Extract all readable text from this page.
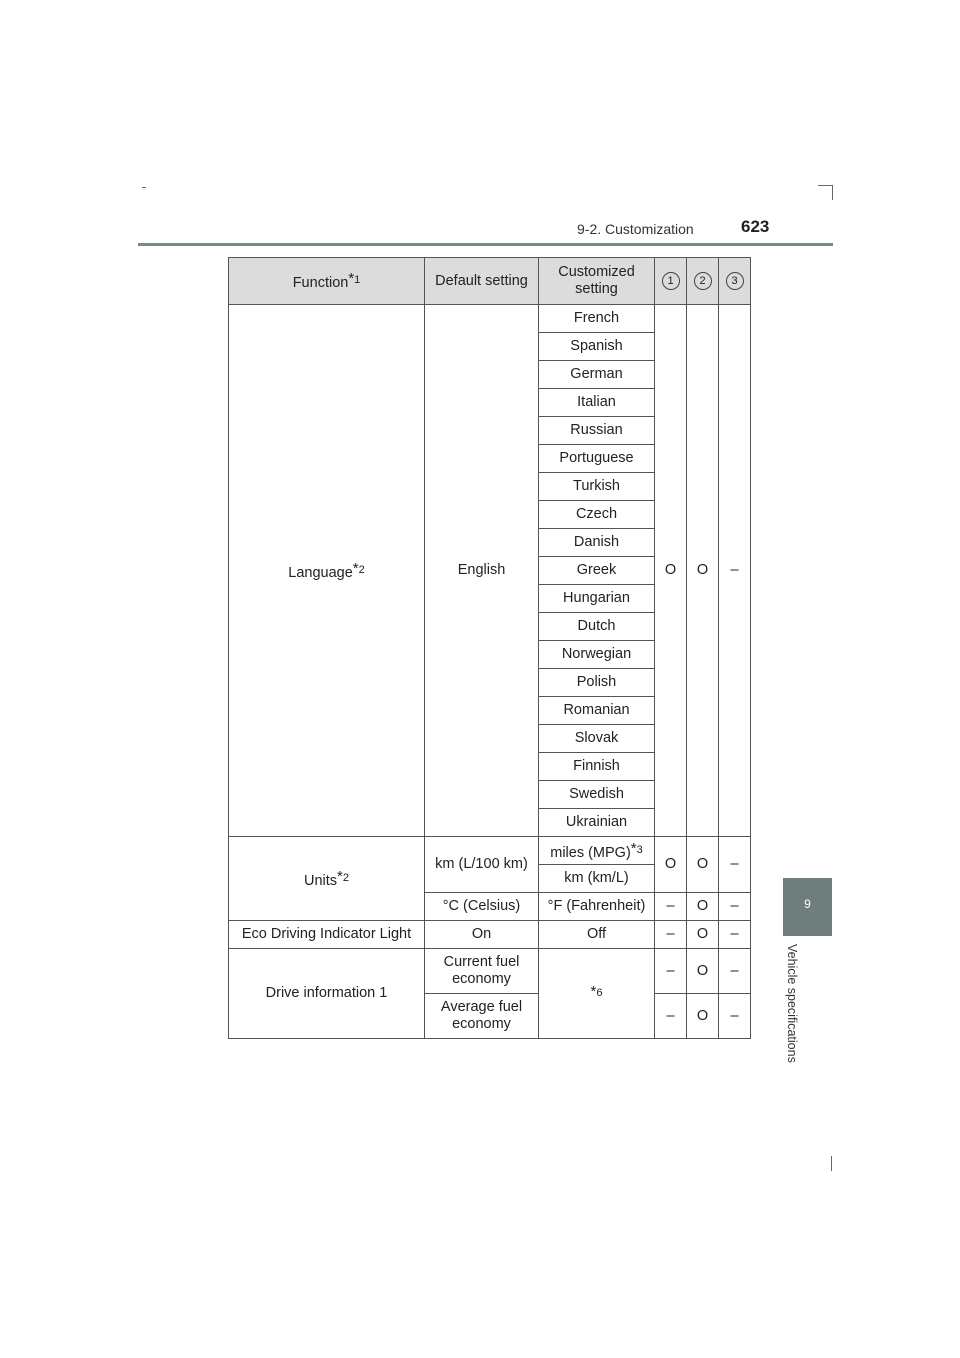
9-2. Customization	623
9
Vehicle specifications
Function$^{*1}$	Default setting	Customized setting	1	2	3
Language$^{*2}$	English	French	O	O	–
		Spanish			
		German			
		Italian			
		Russian			
		Portuguese			
		Turkish			
		Czech			
		Danish			
		Greek			
		Hungarian			
		Dutch			
		Norwegian			
		Polish			
		Romanian			
		Slovak			
		Finnish			
		Swedish			
		Ukrainian			
Units$^{*2}$	km (L/100 km)	miles (MPG)$^{*3}$	O	O	–
		km (km/L)			
	°C (Celsius)	°F (Fahrenheit)	–	O	–
Eco Driving Indicator Light	On	Off	–	O	–
Drive information 1	Current fuel economy	$^{*6}$	–	O	–
	Average fuel economy		–	O	–
